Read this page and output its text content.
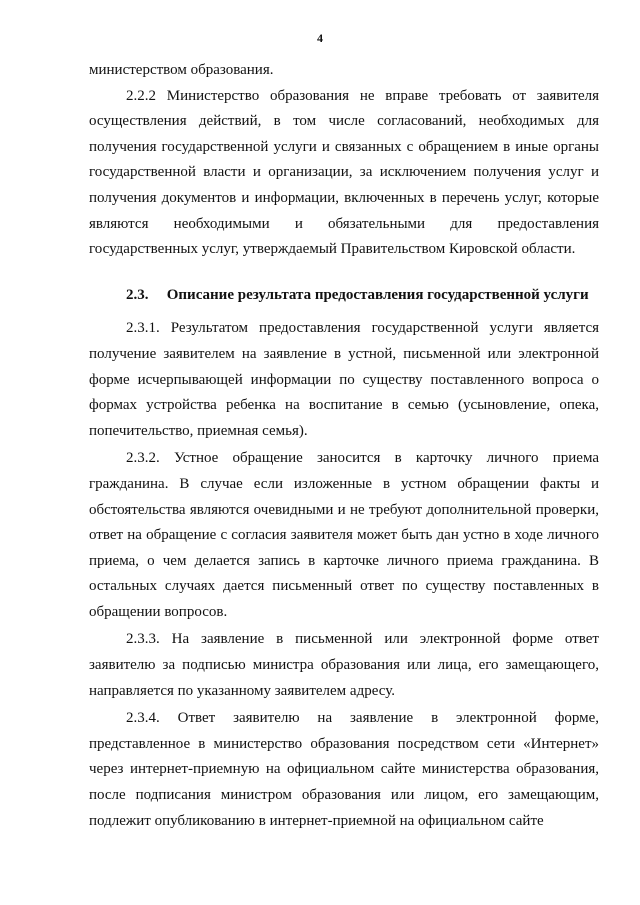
4

министерством образования.

2.2.2 Министерство образования не вправе требовать от заявителя осуществления действий, в том числе согласований, необходимых для получения государственной услуги и связанных с обращением в иные органы государственной власти и организации, за исключением получения услуг и получения документов и информации, включенных в перечень услуг, которые являются необходимыми и обязательными для предоставления государственных услуг, утверждаемый Правительством Кировской области.

2.3. Описание результата предоставления государственной услуги

2.3.1. Результатом предоставления государственной услуги является получение заявителем на заявление в устной, письменной или электронной форме исчерпывающей информации по существу поставленного вопроса о формах устройства ребенка на воспитание в семью (усыновление, опека, попечительство, приемная семья).

2.3.2. Устное обращение заносится в карточку личного приема гражданина. В случае если изложенные в устном обращении факты и обстоятельства являются очевидными и не требуют дополнительной проверки, ответ на обращение с согласия заявителя может быть дан устно в ходе личного приема, о чем делается запись в карточке личного приема гражданина. В остальных случаях дается письменный ответ по существу поставленных в обращении вопросов.

2.3.3. На заявление в письменной или электронной форме ответ заявителю за подписью министра образования или лица, его замещающего, направляется по указанному заявителем адресу.

2.3.4. Ответ заявителю на заявление в электронной форме, представленное в министерство образования посредством сети «Интернет» через интернет-приемную на официальном сайте министерства образования, после подписания министром образования или лицом, его замещающим, подлежит опубликованию в интернет-приемной на официальном сайте
